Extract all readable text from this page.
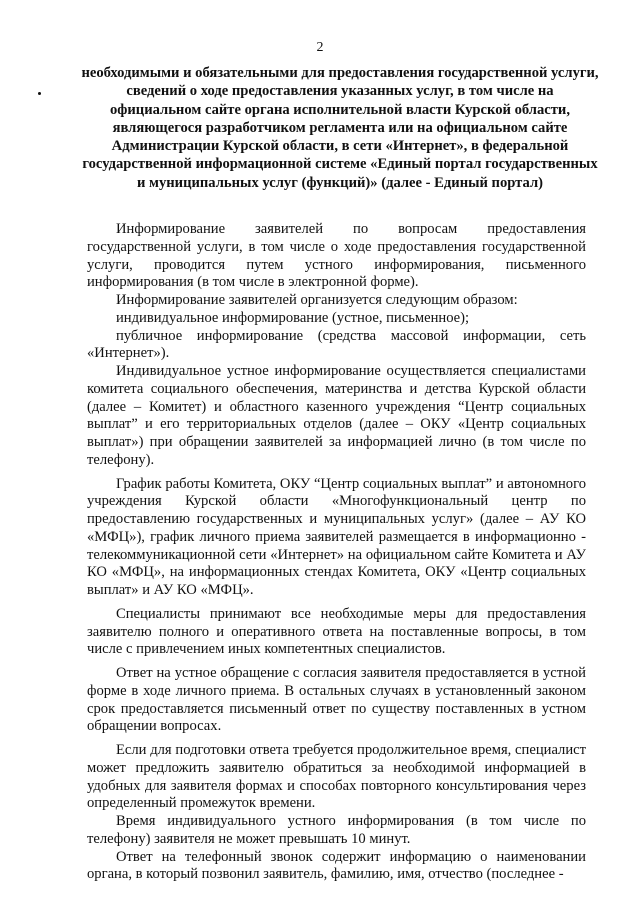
2
необходимыми и обязательными для предоставления государственной услуги, сведений о ходе предоставления указанных услуг, в том числе на официальном сайте органа исполнительной власти Курской области, являющегося разработчиком регламента или на официальном сайте Администрации Курской области, в сети «Интернет», в федеральной государственной информационной системе «Единый портал государственных и муниципальных услуг (функций)» (далее - Единый портал)

Информирование заявителей по вопросам предоставления государственной услуги, в том числе о ходе предоставления государственной услуги, проводится путем устного информирования, письменного информирования (в том числе в электронной форме).

Информирование заявителей организуется следующим образом:

индивидуальное информирование (устное, письменное);

публичное информирование (средства массовой информации, сеть «Интернет»).

Индивидуальное устное информирование осуществляется специалистами комитета социального обеспечения, материнства и детства Курской области (далее – Комитет) и областного казенного учреждения “Центр социальных выплат” и его территориальных отделов (далее – ОКУ «Центр социальных выплат») при обращении заявителей за информацией лично (в том числе по телефону).

График работы Комитета, ОКУ “Центр социальных выплат” и автономного учреждения Курской области «Многофункциональный центр по предоставлению государственных и муниципальных услуг» (далее – АУ КО «МФЦ»), график личного приема заявителей размещается в информационно - телекоммуникационной сети «Интернет» на официальном сайте Комитета и АУ КО «МФЦ», на информационных стендах Комитета, ОКУ «Центр социальных выплат» и АУ КО «МФЦ».

Специалисты принимают все необходимые меры для предоставления заявителю полного и оперативного ответа на поставленные вопросы, в том числе с привлечением иных компетентных специалистов.

Ответ на устное обращение с согласия заявителя предоставляется в устной форме в ходе личного приема. В остальных случаях в установленный законом срок предоставляется письменный ответ по существу поставленных в устном обращении вопросах.

Если для подготовки ответа требуется продолжительное время, специалист может предложить заявителю обратиться за необходимой информацией в удобных для заявителя формах и способах повторного консультирования через определенный промежуток времени.

Время индивидуального устного информирования (в том числе по телефону) заявителя не может превышать 10 минут.

Ответ на телефонный звонок содержит информацию о наименовании органа, в который позвонил заявитель, фамилию, имя, отчество (последнее -
